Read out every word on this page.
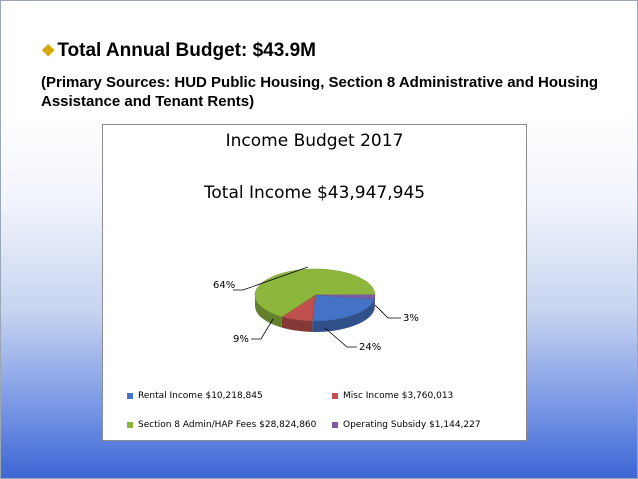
❖ Total Annual Budget: $43.9M
(Primary Sources: HUD Public Housing, Section 8 Administrative and Housing Assistance and Tenant Rents)
Income Budget 2017
Total Income $43,947,945
64%
3%
9%
24%
Rental Income $10,218,845	Misc Income $3,760,013
Section 8 Admin/HAP Fees $28,824,860	Operating Subsidy $1,144,227
